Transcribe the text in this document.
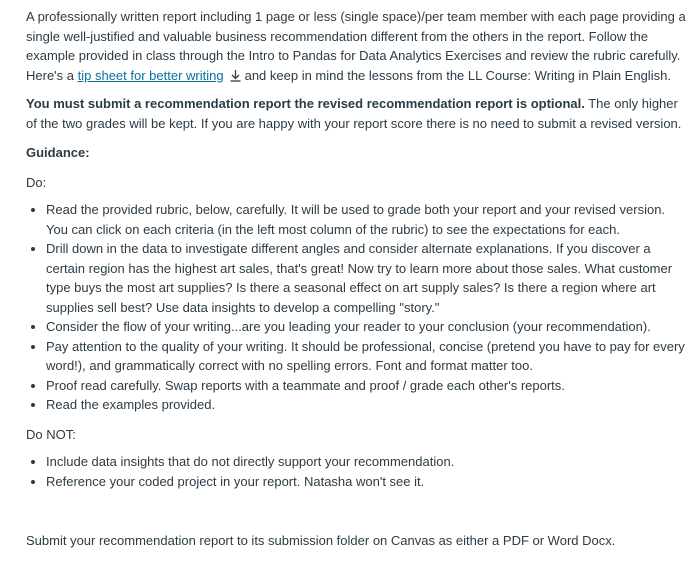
A professionally written report including 1 page or less (single space)/per team member with each page providing a single well-justified and valuable business recommendation different from the others in the report. Follow the example provided in class through the Intro to Pandas for Data Analytics Exercises and review the rubric carefully. Here's a tip sheet for better writing and keep in mind the lessons from the LL Course: Writing in Plain English.

You must submit a recommendation report the revised recommendation report is optional. The only higher of the two grades will be kept. If you are happy with your report score there is no need to submit a revised version.

Guidance:

Do:

• Read the provided rubric, below, carefully. It will be used to grade both your report and your revised version. You can click on each criteria (in the left most column of the rubric) to see the expectations for each.
• Drill down in the data to investigate different angles and consider alternate explanations. If you discover a certain region has the highest art sales, that's great! Now try to learn more about those sales. What customer type buys the most art supplies? Is there a seasonal effect on art supply sales? Is there a region where art supplies sell best? Use data insights to develop a compelling "story."
• Consider the flow of your writing...are you leading your reader to your conclusion (your recommendation).
• Pay attention to the quality of your writing. It should be professional, concise (pretend you have to pay for every word!), and grammatically correct with no spelling errors. Font and format matter too.
• Proof read carefully. Swap reports with a teammate and proof / grade each other's reports.
• Read the examples provided.

Do NOT:

• Include data insights that do not directly support your recommendation.
• Reference your coded project in your report. Natasha won't see it.

Submit your recommendation report to its submission folder on Canvas as either a PDF or Word Docx.
